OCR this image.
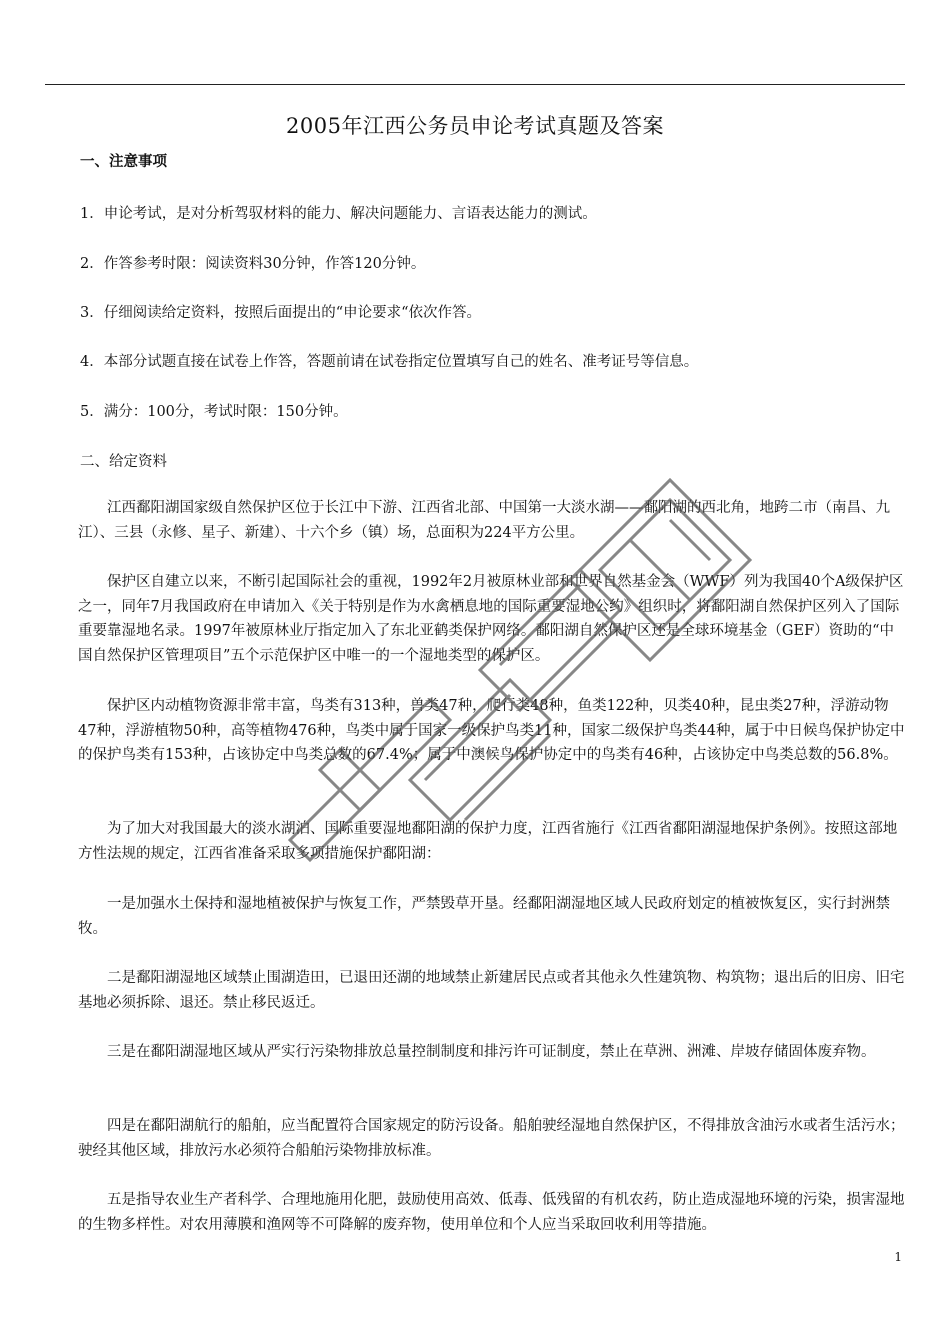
2005年江西公务员申论考试真题及答案
一、注意事项
1．申论考试，是对分析驾驭材料的能力、解决问题能力、言语表达能力的测试。
2．作答参考时限：阅读资料30分钟，作答120分钟。
3．仔细阅读给定资料，按照后面提出的“申论要求“依次作答。
4．本部分试题直接在试卷上作答，答题前请在试卷指定位置填写自己的姓名、准考证号等信息。
5．满分：100分，考试时限：150分钟。
二、给定资料

江西鄱阳湖国家级自然保护区位于长江中下游、江西省北部、中国第一大淡水湖——鄱阳湖的西北角，地跨二市（南昌、九江）、三县（永修、星子、新建）、十六个乡（镇）场，总面积为224平方公里。

保护区自建立以来，不断引起国际社会的重视，1992年2月被原林业部和世界自然基金会（WWF）列为我国40个A级保护区之一，同年7月我国政府在申请加入《关于特别是作为水禽栖息地的国际重要湿地公约》组织时，将鄱阳湖自然保护区列入了国际重要靠湿地名录。1997年被原林业厅指定加入了东北亚鹤类保护网络。鄱阳湖自然保护区还是全球环境基金（GEF）资助的“中国自然保护区管理项目”五个示范保护区中唯一的一个湿地类型的保护区。

保护区内动植物资源非常丰富，鸟类有313种，兽类47种，爬行类48种，鱼类122种，贝类40种，昆虫类27种，浮游动物47种，浮游植物50种，高等植物476种，鸟类中属于国家一级保护鸟类11种，国家二级保护鸟类44种，属于中日候鸟保护协定中的保护鸟类有153种，占该协定中鸟类总数的67.4%；属于中澳候鸟保护协定中的鸟类有46种，占该协定中鸟类总数的56.8%。

为了加大对我国最大的淡水湖泊、国际重要湿地鄱阳湖的保护力度，江西省施行《江西省鄱阳湖湿地保护条例》。按照这部地方性法规的规定，江西省准备采取多项措施保护鄱阳湖：

一是加强水土保持和湿地植被保护与恢复工作，严禁毁草开垦。经鄱阳湖湿地区域人民政府划定的植被恢复区，实行封洲禁牧。

二是鄱阳湖湿地区域禁止围湖造田，已退田还湖的地域禁止新建居民点或者其他永久性建筑物、构筑物；退出后的旧房、旧宅基地必须拆除、退还。禁止移民返迁。

三是在鄱阳湖湿地区域从严实行污染物排放总量控制制度和排污许可证制度，禁止在草洲、洲滩、岸坡存储固体废弃物。

四是在鄱阳湖航行的船舶，应当配置符合国家规定的防污设备。船舶驶经湿地自然保护区，不得排放含油污水或者生活污水；驶经其他区域，排放污水必须符合船舶污染物排放标准。

五是指导农业生产者科学、合理地施用化肥，鼓励使用高效、低毒、低残留的有机农药，防止造成湿地环境的污染，损害湿地的生物多样性。对农用薄膜和渔网等不可降解的废弃物，使用单位和个人应当采取回收利用等措施。

1
